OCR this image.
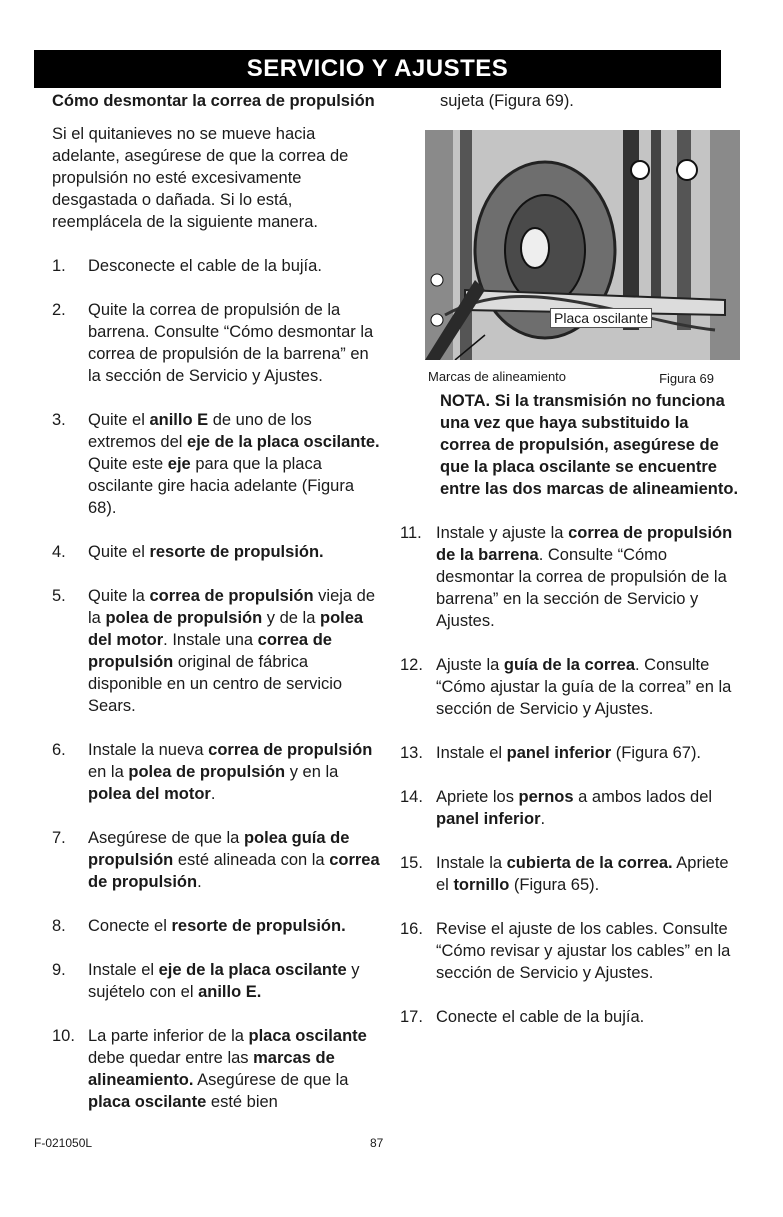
SERVICIO Y AJUSTES
Cómo desmontar la correa de propulsión

Si el quitanieves no se mueve hacia adelante, asegúrese de que la correa de propulsión no esté excesivamente desgastada o dañada. Si lo está, reemplácela de la siguiente manera.

1. Desconecte el cable de la bujía.
2. Quite la correa de propulsión de la barrena. Consulte “Cómo desmontar la correa de propulsión de la barrena” en la sección de Servicio y Ajustes.
3. Quite el anillo E de uno de los extremos del eje de la placa oscilante. Quite este eje para que la placa oscilante gire hacia adelante (Figura 68).
4. Quite el resorte de propulsión.
5. Quite la correa de propulsión vieja de la polea de propulsión y de la polea del motor. Instale una correa de propulsión original de fábrica disponible en un centro de servicio Sears.
6. Instale la nueva correa de propulsión en la polea de propulsión y en la polea del motor.
7. Asegúrese de que la polea guía de propulsión esté alineada con la correa de propulsión.
8. Conecte el resorte de propulsión.
9. Instale el eje de la placa oscilante y sujételo con el anillo E.
10. La parte inferior de la placa oscilante debe quedar entre las marcas de alineamiento. Asegúrese de que la placa oscilante esté bien

sujeta (Figura 69).

Placa oscilante
Marcas de alineamiento	Figura 69

NOTA. Si la transmisión no funciona una vez que haya substituido la correa de propulsión, asegúrese de que la placa oscilante se encuentre entre las dos marcas de alineamiento.

11. Instale y ajuste la correa de propulsión de la barrena. Consulte “Cómo desmontar la correa de propulsión de la barrena” en la sección de Servicio y Ajustes.
12. Ajuste la guía de la correa. Consulte “Cómo ajustar la guía de la correa” en la sección de Servicio y Ajustes.
13. Instale el panel inferior (Figura 67).
14. Apriete los pernos a ambos lados del panel inferior.
15. Instale la cubierta de la correa. Apriete el tornillo (Figura 65).
16. Revise el ajuste de los cables. Consulte “Cómo revisar y ajustar los cables” en la sección de Servicio y Ajustes.
17. Conecte el cable de la bujía.
F-021050L	87
